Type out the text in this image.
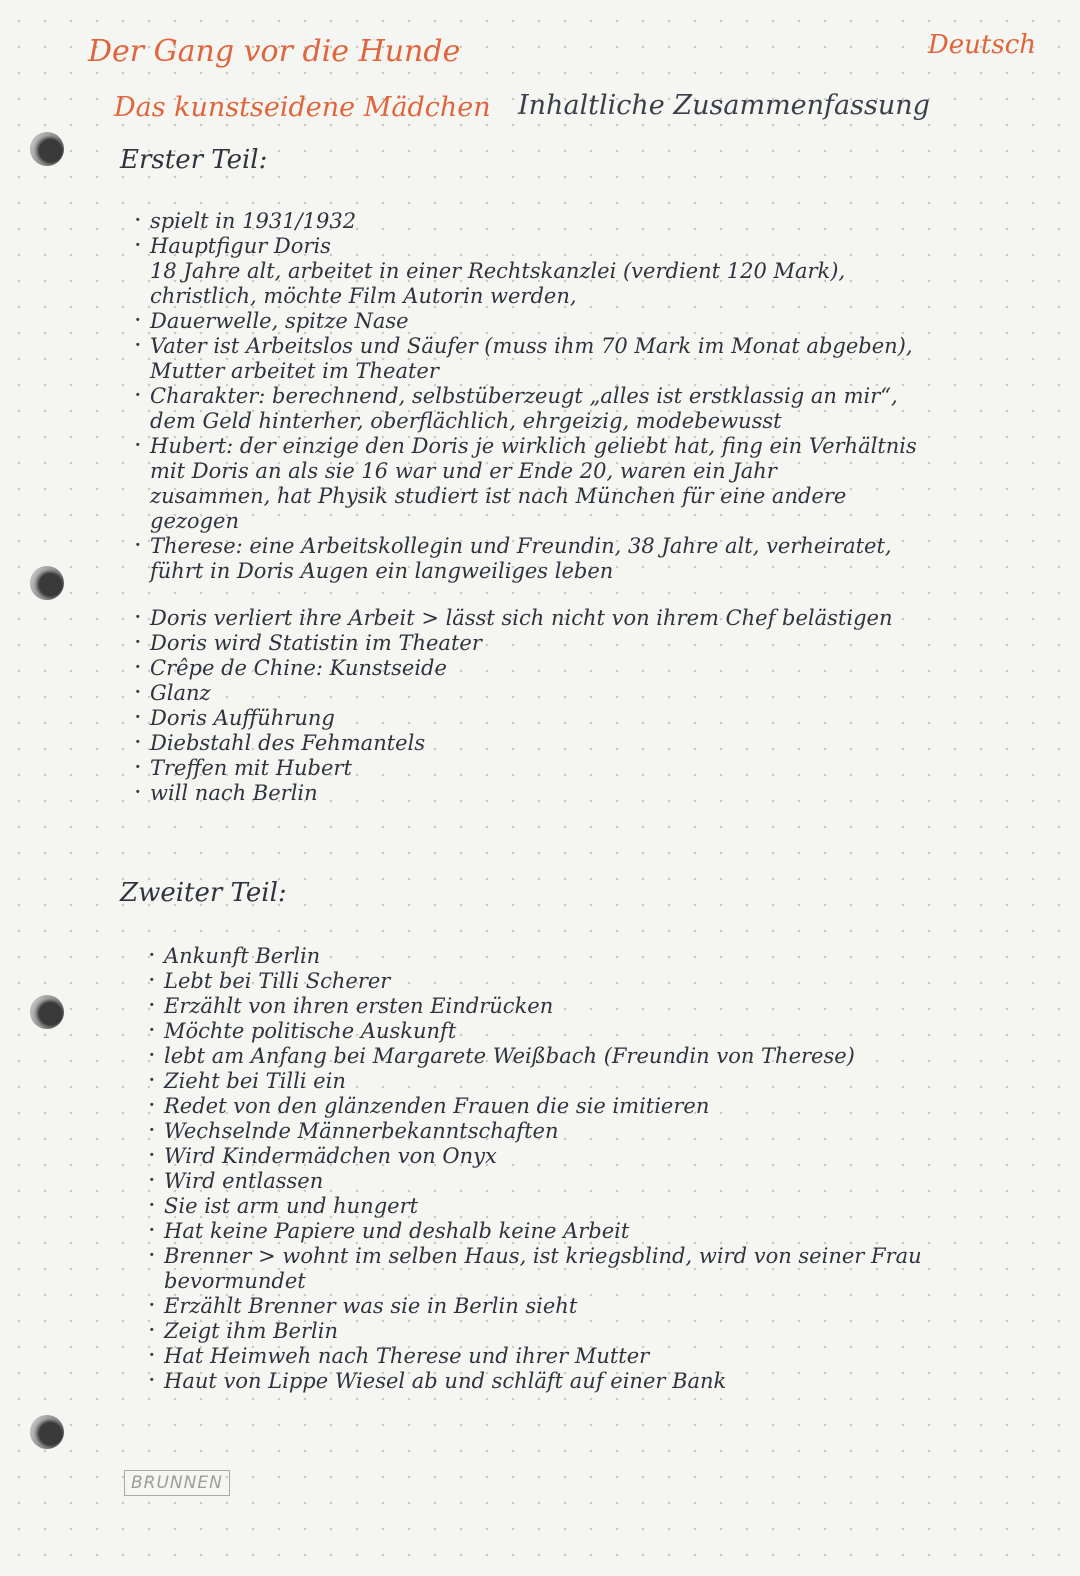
Der Gang vor die Hunde	Deutsch
Das kunstseidene Mädchen Inhaltliche Zusammenfassung
Erster Teil:
· spielt in 1931/1932
· Hauptfigur Doris
18 Jahre alt, arbeitet in einer Rechtskanzlei (verdient 120 Mark),
christlich, möchte Film Autorin werden,
· Dauerwelle, spitze Nase
· Vater ist Arbeitslos und Säufer (muss ihm 70 Mark im Monat abgeben),
Mutter arbeitet im Theater
· Charakter: berechnend, selbstüberzeugt „alles ist erstklassig an mir“,
dem Geld hinterher, oberflächlich, ehrgeizig, modebewusst
· Hubert: der einzige den Doris je wirklich geliebt hat, fing ein Verhältnis
mit Doris an als sie 16 war und er Ende 20, waren ein Jahr
zusammen, hat Physik studiert ist nach München für eine andere
gezogen
· Therese: eine Arbeitskollegin und Freundin, 38 Jahre alt, verheiratet,
führt in Doris Augen ein langweiliges leben
· Doris verliert ihre Arbeit > lässt sich nicht von ihrem Chef belästigen
· Doris wird Statistin im Theater
· Crêpe de Chine: Kunstseide
· Glanz
· Doris Aufführung
· Diebstahl des Fehmantels
· Treffen mit Hubert
· will nach Berlin
Zweiter Teil:
· Ankunft Berlin
· Lebt bei Tilli Scherer
· Erzählt von ihren ersten Eindrücken
· Möchte politische Auskunft
· lebt am Anfang bei Margarete Weißbach (Freundin von Therese)
· Zieht bei Tilli ein
· Redet von den glänzenden Frauen die sie imitieren
· Wechselnde Männerbekanntschaften
· Wird Kindermädchen von Onyx
· Wird entlassen
· Sie ist arm und hungert
· Hat keine Papiere und deshalb keine Arbeit
· Brenner > wohnt im selben Haus, ist kriegsblind, wird von seiner Frau
bevormundet
· Erzählt Brenner was sie in Berlin sieht
· Zeigt ihm Berlin
· Hat Heimweh nach Therese und ihrer Mutter
· Haut von Lippe Wiesel ab und schläft auf einer Bank
BRUNNEN
